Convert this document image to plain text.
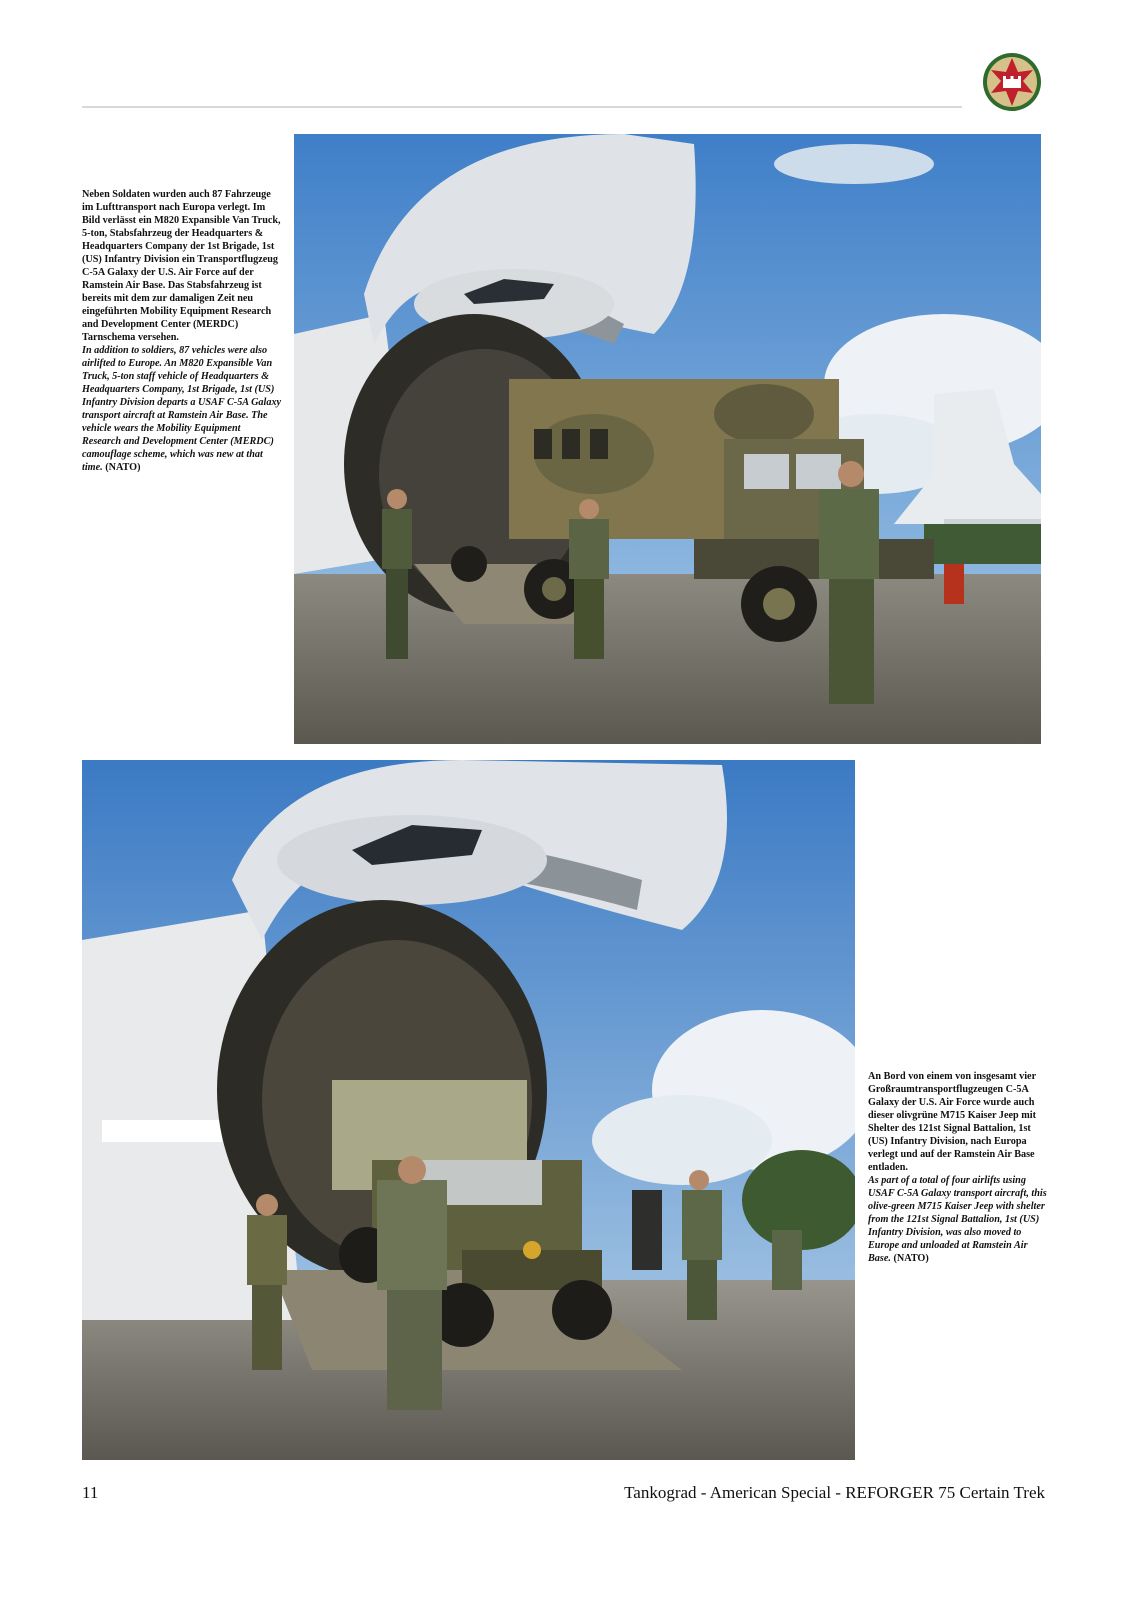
Neben Soldaten wurden auch 87 Fahrzeuge im Lufttransport nach Europa verlegt. Im Bild verlässt ein M820 Expansible Van Truck, 5-ton, Stabsfahrzeug der Headquarters & Headquarters Company der 1st Brigade, 1st (US) Infantry Division ein Transportflugzeug C-5A Galaxy der U.S. Air Force auf der Ramstein Air Base. Das Stabsfahrzeug ist bereits mit dem zur damaligen Zeit neu eingeführten Mobility Equipment Research and Development Center (MERDC) Tarnschema versehen.

In addition to soldiers, 87 vehicles were also airlifted to Europe. An M820 Expansible Van Truck, 5-ton staff vehicle of Headquarters & Headquarters Company, 1st Brigade, 1st (US) Infantry Division departs a USAF C-5A Galaxy transport aircraft at Ramstein Air Base. The vehicle wears the Mobility Equipment Research and Development Center (MERDC) camouflage scheme, which was new at that time. (NATO)

An Bord von einem von insgesamt vier Großraumtransportflugzeugen C-5A Galaxy der U.S. Air Force wurde auch dieser olivgrüne M715 Kaiser Jeep mit Shelter des 121st Signal Battalion, 1st (US) Infantry Division, nach Europa verlegt und auf der Ramstein Air Base entladen.

As part of a total of four airlifts using USAF C-5A Galaxy transport aircraft, this olive-green M715 Kaiser Jeep with shelter from the 121st Signal Battalion, 1st (US) Infantry Division, was also moved to Europe and unloaded at Ramstein Air Base. (NATO)

11	Tankograd - American Special - REFORGER 75 Certain Trek
